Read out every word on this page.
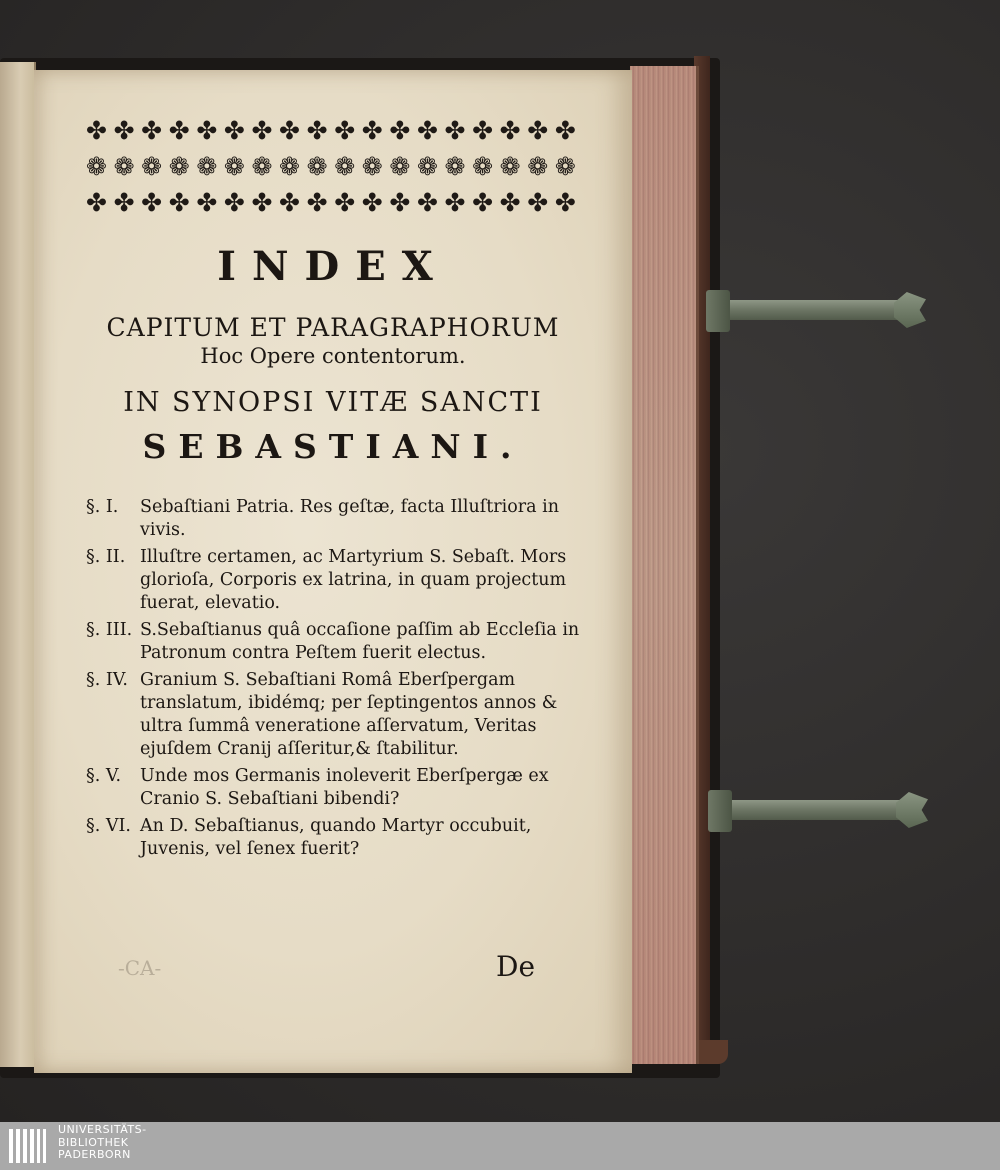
✤ ✤ ✤ ✤ ✤ ✤ ✤ ✤ ✤ ✤ ✤ ✤ ✤ ✤ ✤ ✤ ✤ ✤
❁ ❁ ❁ ❁ ❁ ❁ ❁ ❁ ❁ ❁ ❁ ❁ ❁ ❁ ❁ ❁ ❁ ❁
✤ ✤ ✤ ✤ ✤ ✤ ✤ ✤ ✤ ✤ ✤ ✤ ✤ ✤ ✤ ✤ ✤ ✤
INDEX
CAPITUM ET PARAGRAPHORUM
Hoc Opere contentorum.
IN SYNOPSI VITÆ SANCTI
SEBASTIANI.
§. I.	Sebaſtiani Patria. Res geſtæ, facta Illuſtriora in vivis.
§. II. Illuſtre certamen, ac Martyrium S. Sebaſt. Mors glorioſa, Corporis ex latrina, in quam projectum fuerat, elevatio.
§. III. S.Sebaſtianus quâ occaſione paſſim ab Eccleſia in Patronum contra Peſtem fuerit electus.
§. IV. Granium S. Sebaſtiani Româ Eberſpergam translatum, ibidémq; per ſeptingentos annos & ultra ſummâ veneratione aſſervatum, Veritas ejuſdem Cranij aſſeritur,& ſtabilitur.
§. V.	Unde mos Germanis inoleverit Eberſpergæ ex Cranio S. Sebaſtiani bibendi?
§. VI. An D. Sebaſtianus, quando Martyr occubuit, Juvenis, vel ſenex fuerit?
-CA-	De
UNIVERSITÄTS-
BIBLIOTHEK
PADERBORN
